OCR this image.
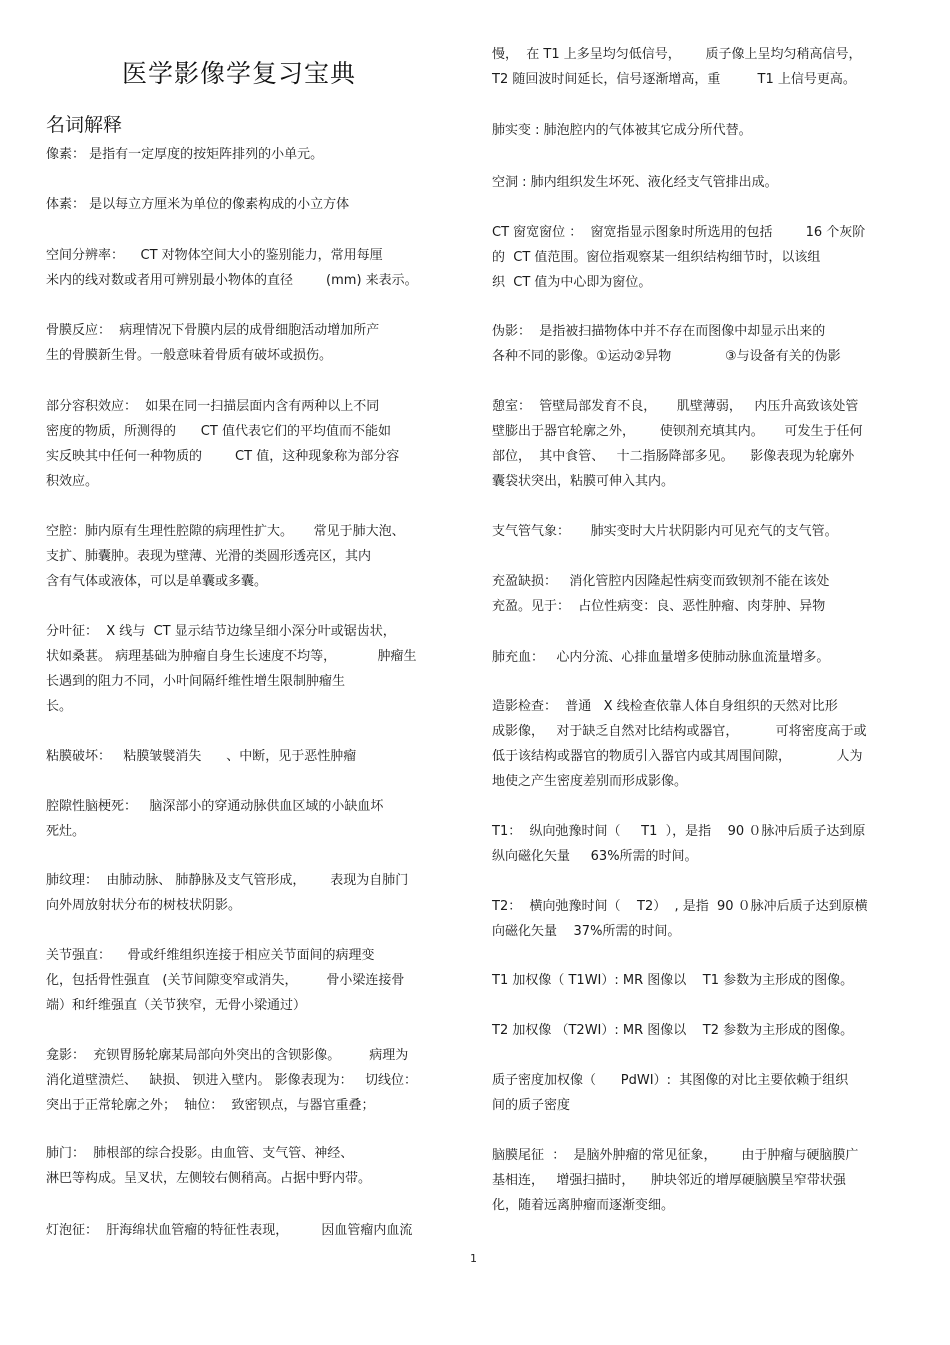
医学影像学复习宝典
名词解释

像素： 是指有一定厚度的按矩阵排列的小单元。

体素： 是以每立方厘米为单位的像素构成的小立方体

空间分辨率：    CT 对物体空间大小的鉴别能力，常用每厘
米内的线对数或者用可辨别最小物体的直径        (mm) 来表示。

骨膜反应：  病理情况下骨膜内层的成骨细胞活动增加所产
生的骨膜新生骨。一般意味着骨质有破坏或损伤。

部分容积效应：  如果在同一扫描层面内含有两种以上不同
密度的物质，所测得的      CT 值代表它们的平均值而不能如
实反映其中任何一种物质的        CT 值，这种现象称为部分容
积效应。

空腔：肺内原有生理性腔隙的病理性扩大。     常见于肺大泡、
支扩、肺囊肿。表现为壁薄、光滑的类圆形透亮区，其内
含有气体或液体，可以是单囊或多囊。

分叶征：  X 线与  CT 显示结节边缘呈细小深分叶或锯齿状，
状如桑葚。 病理基础为肿瘤自身生长速度不均等，          肿瘤生
长遇到的阻力不同，小叶间隔纤维性增生限制肿瘤生
长。

粘膜破坏：   粘膜皱襞消失      、中断，见于恶性肿瘤

腔隙性脑梗死：   脑深部小的穿通动脉供血区域的小缺血坏
死灶。

肺纹理：  由肺动脉、 肺静脉及支气管形成，      表现为自肺门
向外周放射状分布的树枝状阴影。

关节强直：    骨或纤维组织连接于相应关节面间的病理变
化，包括骨性强直   (关节间隙变窄或消失，       骨小梁连接骨
端）和纤维强直（关节狭窄，无骨小梁通过）

龛影：  充钡胃肠轮廓某局部向外突出的含钡影像。       病理为
消化道壁溃烂、   缺损、 钡进入壁内。 影像表现为：   切线位：
突出于正常轮廓之外；  轴位：  致密钡点，与器官重叠；

肺门：  肺根部的综合投影。由血管、支气管、神经、
淋巴等构成。呈叉状，左侧较右侧稍高。占据中野内带。

灯泡征：  肝海绵状血管瘤的特征性表现，        因血管瘤内血流

慢，  在 T1 上多呈均匀低信号，      质子像上呈均匀稍高信号，
T2 随回波时间延长，信号逐渐增高，重         T1 上信号更高。

肺实变 : 肺泡腔内的气体被其它成分所代替。

空洞 : 肺内组织发生坏死、液化经支气管排出成。

CT 窗宽窗位 ：  窗宽指显示图象时所选用的包括        16 个灰阶
的  CT 值范围。窗位指观察某一组织结构细节时，以该组
织  CT 值为中心即为窗位。

伪影：  是指被扫描物体中并不存在而图像中却显示出来的
各种不同的影像。①运动②异物             ③与设备有关的伪影

憩室：  管壁局部发育不良，     肌壁薄弱，   内压升高致该处管
壁膨出于器官轮廓之外，      使钡剂充填其内。     可发生于任何
部位，  其中食管、   十二指肠降部多见。    影像表现为轮廓外
囊袋状突出，粘膜可伸入其内。

支气管气象：     肺实变时大片状阴影内可见充气的支气管。

充盈缺损：   消化管腔内因隆起性病变而致钡剂不能在该处
充盈。见于：  占位性病变：良、恶性肿瘤、肉芽肿、异物

肺充血：   心内分流、心排血量增多使肺动脉血流量增多。

造影检查：  普通   X 线检查依靠人体自身组织的天然对比形
成影像，   对于缺乏自然对比结构或器官，         可将密度高于或
低于该结构或器官的物质引入器官内或其周围间隙，           人为
地使之产生密度差别而形成影像。

T1：  纵向弛豫时间（     T1  ），是指    90 ０脉冲后质子达到原
纵向磁化矢量     63%所需的时间。

T2：  横向弛豫时间（    T2）  , 是指  90 ０脉冲后质子达到原横
向磁化矢量    37%所需的时间。

T1 加权像（ T1WI）: MR 图像以    T1 参数为主形成的图像。

T2 加权像 （T2WI）: MR 图像以    T2 参数为主形成的图像。

质子密度加权像（      PdWI）:  其图像的对比主要依赖于组织
间的质子密度

脑膜尾征  ：  是脑外肿瘤的常见征象，      由于肿瘤与硬脑膜广
基相连，   增强扫描时，    肿块邻近的增厚硬脑膜呈窄带状强
化，随着远离肿瘤而逐渐变细。

1
